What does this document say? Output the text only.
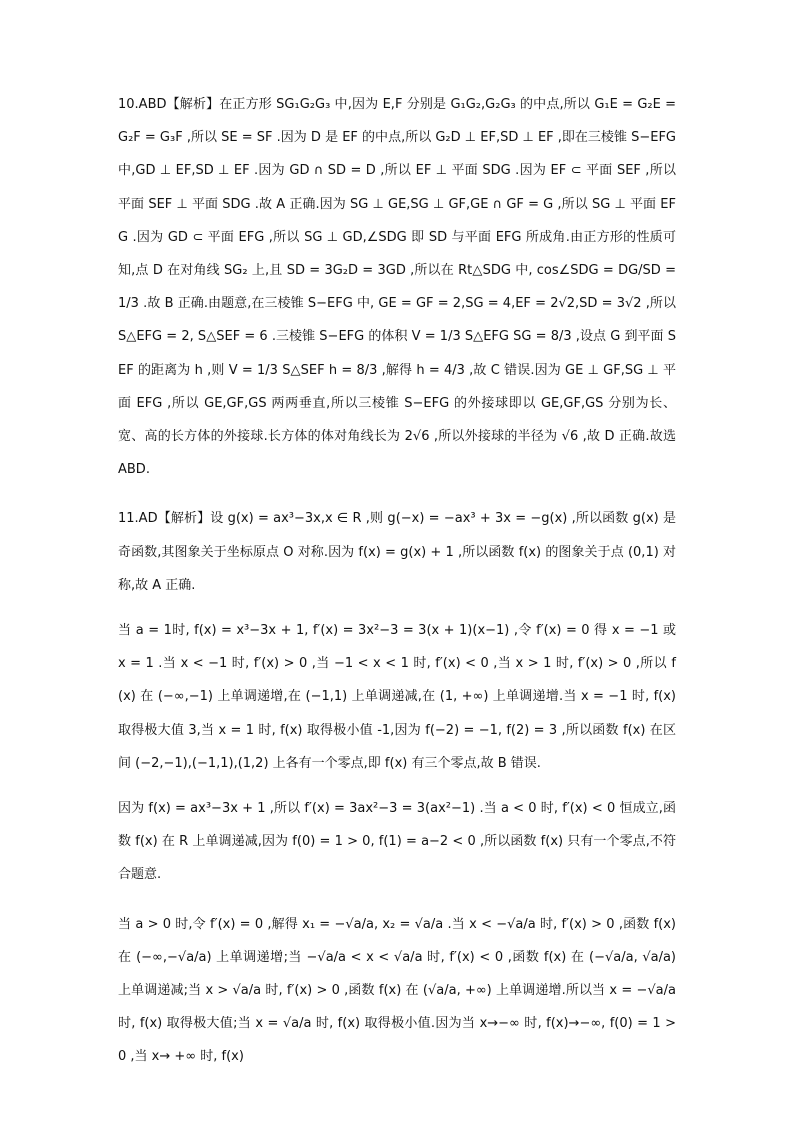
10.ABD【解析】在正方形 SG₁G₂G₃ 中,因为 E,F 分别是 G₁G₂,G₂G₃ 的中点,所以 G₁E = G₂E = G₂F = G₃F ,所以 SE = SF .因为 D 是 EF 的中点,所以 G₂D ⊥ EF,SD ⊥ EF ,即在三棱锥 S−EFG 中,GD ⊥ EF,SD ⊥ EF .因为 GD ∩ SD = D ,所以 EF ⊥ 平面 SDG .因为 EF ⊂ 平面 SEF ,所以平面 SEF ⊥ 平面 SDG .故 A 正确.因为 SG ⊥ GE,SG ⊥ GF,GE ∩ GF = G ,所以 SG ⊥ 平面 EFG .因为 GD ⊂ 平面 EFG ,所以 SG ⊥ GD,∠SDG 即 SD 与平面 EFG 所成角.由正方形的性质可知,点 D 在对角线 SG₂ 上,且 SD = 3G₂D = 3GD ,所以在 Rt△SDG 中, cos∠SDG = DG/SD = 1/3 .故 B 正确.由题意,在三棱锥 S−EFG 中, GE = GF = 2,SG = 4,EF = 2√2,SD = 3√2 ,所以 S△EFG = 2, S△SEF = 6 .三棱锥 S−EFG 的体积 V = 1/3 S△EFG SG = 8/3 ,设点 G 到平面 SEF 的距离为 h ,则 V = 1/3 S△SEF h = 8/3 ,解得 h = 4/3 ,故 C 错误.因为 GE ⊥ GF,SG ⊥ 平面 EFG ,所以 GE,GF,GS 两两垂直,所以三棱锥 S−EFG 的外接球即以 GE,GF,GS 分别为长、宽、高的长方体的外接球.长方体的体对角线长为 2√6 ,所以外接球的半径为 √6 ,故 D 正确.故选 ABD.

11.AD【解析】设 g(x) = ax³−3x,x ∈ R ,则 g(−x) = −ax³ + 3x = −g(x) ,所以函数 g(x) 是奇函数,其图象关于坐标原点 O 对称.因为 f(x) = g(x) + 1 ,所以函数 f(x) 的图象关于点 (0,1) 对称,故 A 正确.

当 a = 1时, f(x) = x³−3x + 1, f′(x) = 3x²−3 = 3(x + 1)(x−1) ,令 f′(x) = 0 得 x = −1 或 x = 1 .当 x < −1 时, f′(x) > 0 ,当 −1 < x < 1 时, f′(x) < 0 ,当 x > 1 时, f′(x) > 0 ,所以 f(x) 在 (−∞,−1) 上单调递增,在 (−1,1) 上单调递减,在 (1, +∞) 上单调递增.当 x = −1 时, f(x) 取得极大值 3,当 x = 1 时, f(x) 取得极小值 -1,因为 f(−2) = −1, f(2) = 3 ,所以函数 f(x) 在区间 (−2,−1),(−1,1),(1,2) 上各有一个零点,即 f(x) 有三个零点,故 B 错误.

因为 f(x) = ax³−3x + 1 ,所以 f′(x) = 3ax²−3 = 3(ax²−1) .当 a < 0 时, f′(x) < 0 恒成立,函数 f(x) 在 R 上单调递减,因为 f(0) = 1 > 0, f(1) = a−2 < 0 ,所以函数 f(x) 只有一个零点,不符合题意.

当 a > 0 时,令 f′(x) = 0 ,解得 x₁ = −√a/a, x₂ = √a/a .当 x < −√a/a 时, f′(x) > 0 ,函数 f(x) 在 (−∞,−√a/a) 上单调递增;当 −√a/a < x < √a/a 时, f′(x) < 0 ,函数 f(x) 在 (−√a/a, √a/a) 上单调递减;当 x > √a/a 时, f′(x) > 0 ,函数 f(x) 在 (√a/a, +∞) 上单调递增.所以当 x = −√a/a 时, f(x) 取得极大值;当 x = √a/a 时, f(x) 取得极小值.因为当 x→−∞ 时, f(x)→−∞, f(0) = 1 > 0 ,当 x→ +∞ 时, f(x)
